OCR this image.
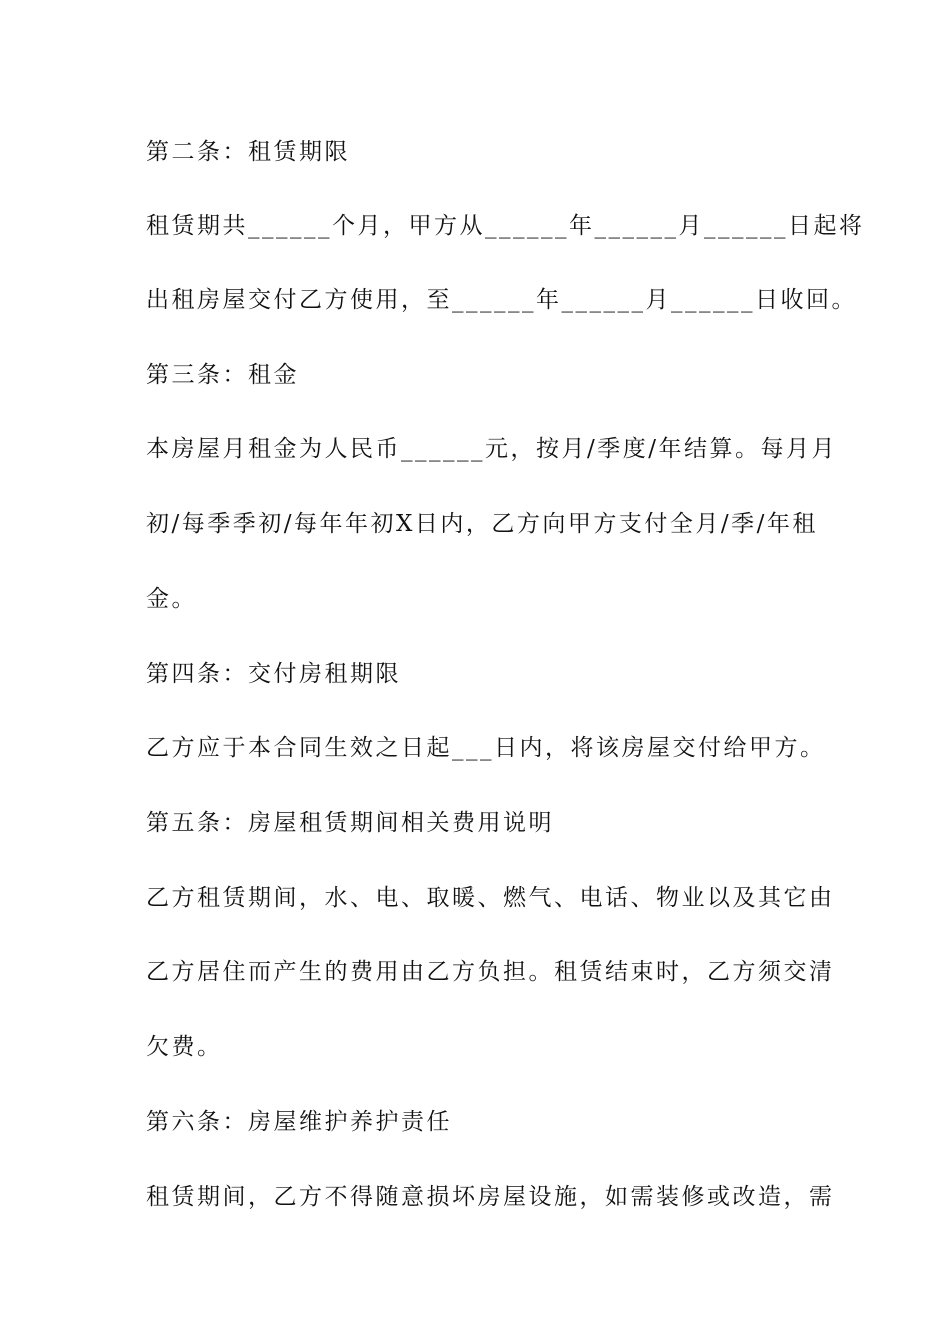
第二条：租赁期限
租赁期共______个月，甲方从______年______月______日起将
出租房屋交付乙方使用，至______年______月______日收回。
第三条：租金
本房屋月租金为人民币______元，按月/季度/年结算。每月月
初/每季季初/每年年初X日内，乙方向甲方支付全月/季/年租
金。
第四条：交付房租期限
乙方应于本合同生效之日起___日内，将该房屋交付给甲方。
第五条：房屋租赁期间相关费用说明
乙方租赁期间，水、电、取暖、燃气、电话、物业以及其它由
乙方居住而产生的费用由乙方负担。租赁结束时，乙方须交清
欠费。
第六条：房屋维护养护责任
租赁期间，乙方不得随意损坏房屋设施，如需装修或改造，需
